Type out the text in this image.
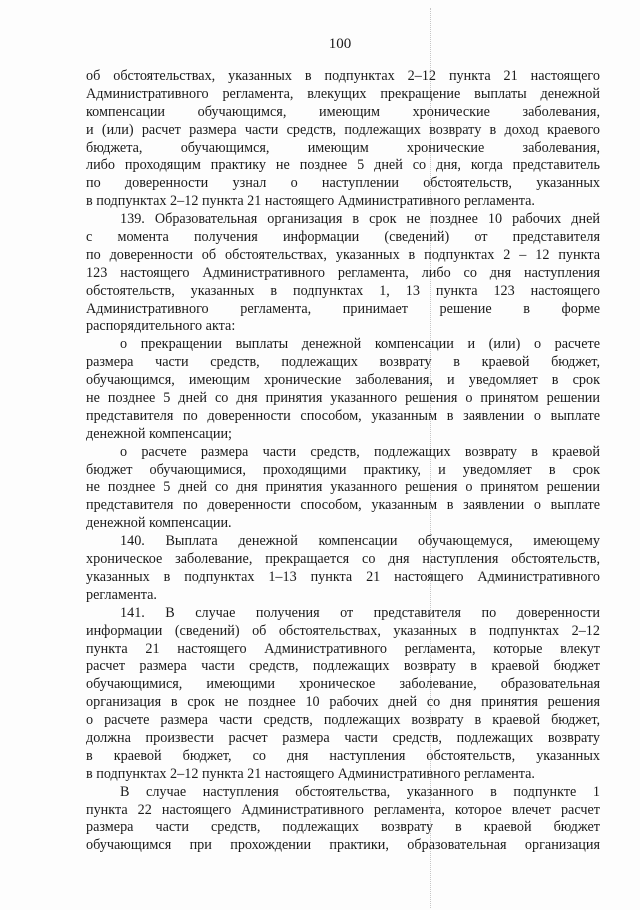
100
об обстоятельствах, указанных в подпунктах 2–12 пункта 21 настоящего
Административного регламента, влекущих прекращение выплаты денежной
компенсации обучающимся, имеющим хронические заболевания,
и (или) расчет размера части средств, подлежащих возврату в доход краевого
бюджета, обучающимся, имеющим хронические заболевания,
либо проходящим практику не позднее 5 дней со дня, когда представитель
по доверенности узнал о наступлении обстоятельств, указанных
в подпунктах 2–12 пункта 21 настоящего Административного регламента.
139. Образовательная организация в срок не позднее 10 рабочих дней
с момента получения информации (сведений) от представителя
по доверенности об обстоятельствах, указанных в подпунктах 2 – 12 пункта
123 настоящего Административного регламента, либо со дня наступления
обстоятельств, указанных в подпунктах 1, 13 пункта 123 настоящего
Административного регламента, принимает решение в форме
распорядительного акта:
о прекращении выплаты денежной компенсации и (или) о расчете
размера части средств, подлежащих возврату в краевой бюджет,
обучающимся, имеющим хронические заболевания, и уведомляет в срок
не позднее 5 дней со дня принятия указанного решения о принятом решении
представителя по доверенности способом, указанным в заявлении о выплате
денежной компенсации;
о расчете размера части средств, подлежащих возврату в краевой
бюджет обучающимися, проходящими практику, и уведомляет в срок
не позднее 5 дней со дня принятия указанного решения о принятом решении
представителя по доверенности способом, указанным в заявлении о выплате
денежной компенсации.
140. Выплата денежной компенсации обучающемуся, имеющему
хроническое заболевание, прекращается со дня наступления обстоятельств,
указанных в подпунктах 1–13 пункта 21 настоящего Административного
регламента.
141. В случае получения от представителя по доверенности
информации (сведений) об обстоятельствах, указанных в подпунктах 2–12
пункта 21 настоящего Административного регламента, которые влекут
расчет размера части средств, подлежащих возврату в краевой бюджет
обучающимися, имеющими хроническое заболевание, образовательная
организация в срок не позднее 10 рабочих дней со дня принятия решения
о расчете размера части средств, подлежащих возврату в краевой бюджет,
должна произвести расчет размера части средств, подлежащих возврату
в краевой бюджет, со дня наступления обстоятельств, указанных
в подпунктах 2–12 пункта 21 настоящего Административного регламента.
В случае наступления обстоятельства, указанного в подпункте 1
пункта 22 настоящего Административного регламента, которое влечет расчет
размера части средств, подлежащих возврату в краевой бюджет
обучающимся при прохождении практики, образовательная организация
